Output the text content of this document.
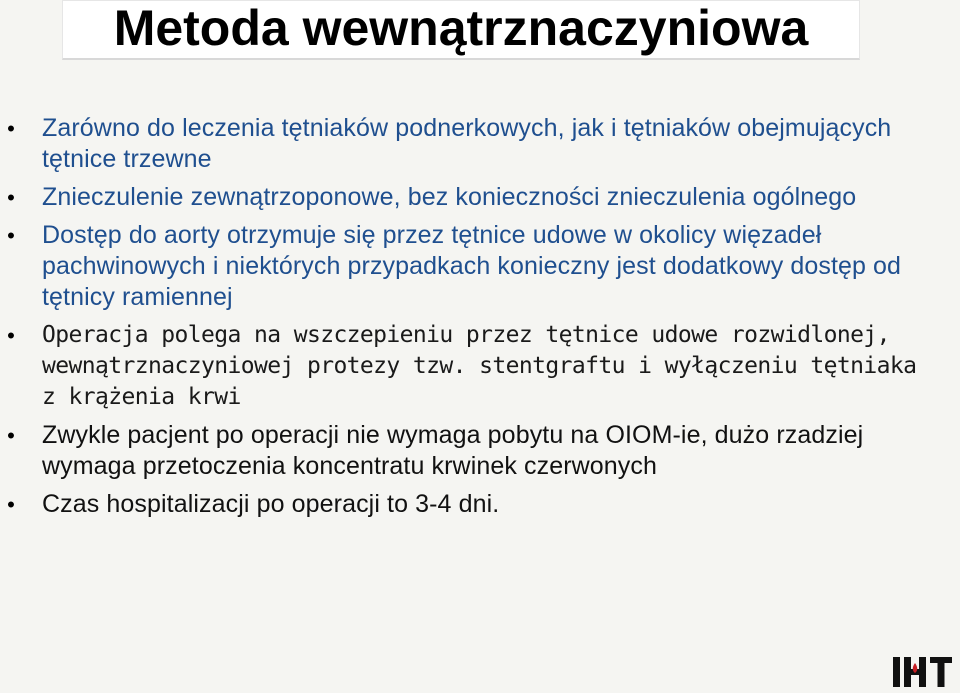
Metoda wewnątrznaczyniowa
• Zarówno do leczenia tętniaków podnerkowych, jak i tętniaków obejmujących tętnice trzewne
• Znieczulenie zewnątrzoponowe, bez konieczności znieczulenia ogólnego
• Dostęp do aorty otrzymuje się przez tętnice udowe w okolicy więzadeł pachwinowych i niektórych przypadkach konieczny jest dodatkowy dostęp od tętnicy ramiennej
• Operacja polega na wszczepieniu przez tętnice udowe rozwidlonej, wewnątrznaczyniowej protezy tzw. stentgraftu i wyłączeniu tętniaka z krążenia krwi
• Zwykle pacjent po operacji nie wymaga pobytu na OIOM-ie, dużo rzadziej wymaga przetoczenia koncentratu krwinek czerwonych
• Czas hospitalizacji po operacji to 3-4 dni.
